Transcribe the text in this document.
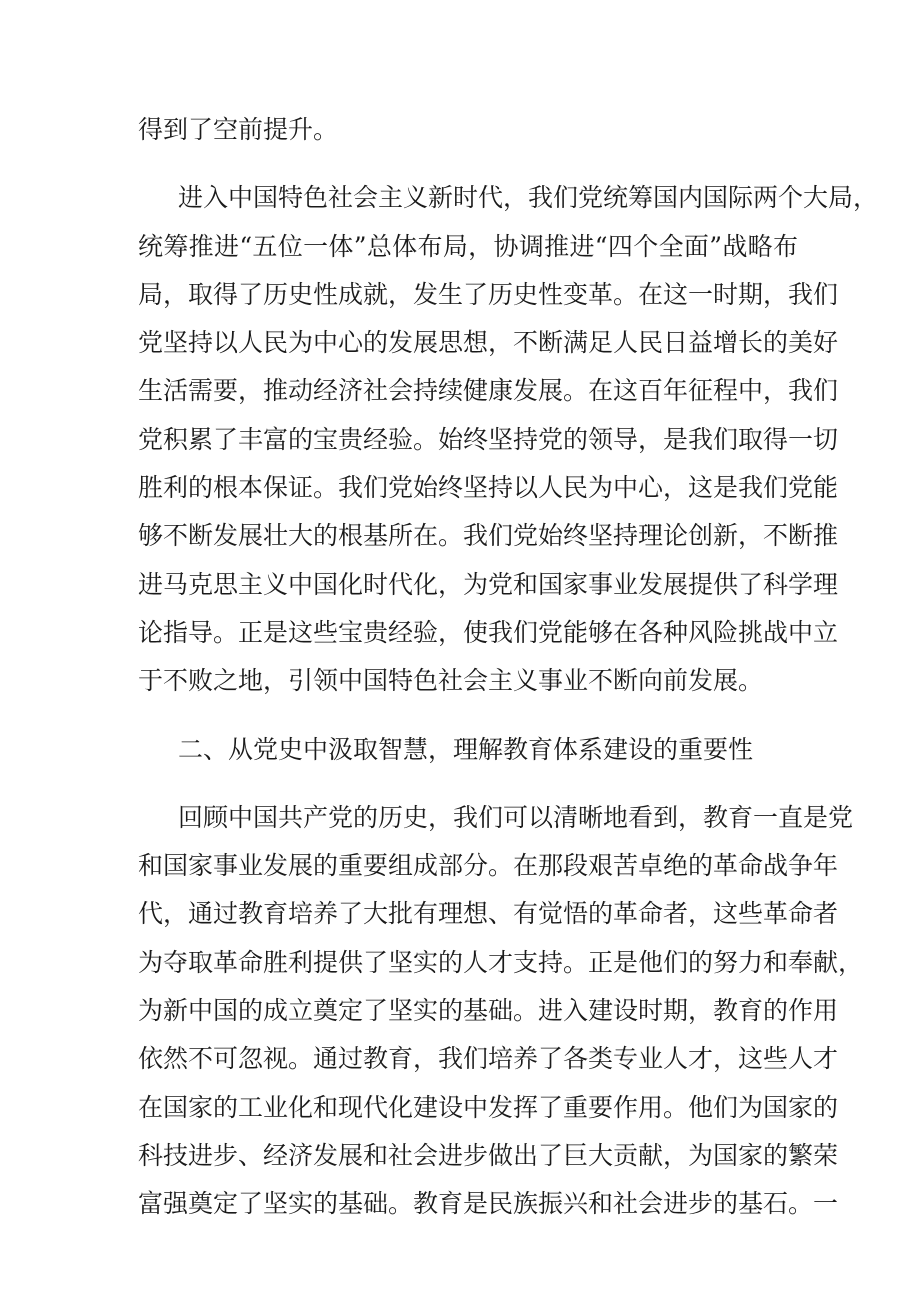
得到了空前提升。
进入中国特色社会主义新时代，我们党统筹国内国际两个大局，
统筹推进“五位一体”总体布局，协调推进“四个全面”战略布
局，取得了历史性成就，发生了历史性变革。在这一时期，我们
党坚持以人民为中心的发展思想，不断满足人民日益增长的美好
生活需要，推动经济社会持续健康发展。在这百年征程中，我们
党积累了丰富的宝贵经验。始终坚持党的领导，是我们取得一切
胜利的根本保证。我们党始终坚持以人民为中心，这是我们党能
够不断发展壮大的根基所在。我们党始终坚持理论创新，不断推
进马克思主义中国化时代化，为党和国家事业发展提供了科学理
论指导。正是这些宝贵经验，使我们党能够在各种风险挑战中立
于不败之地，引领中国特色社会主义事业不断向前发展。
二、从党史中汲取智慧，理解教育体系建设的重要性
回顾中国共产党的历史，我们可以清晰地看到，教育一直是党
和国家事业发展的重要组成部分。在那段艰苦卓绝的革命战争年
代，通过教育培养了大批有理想、有觉悟的革命者，这些革命者
为夺取革命胜利提供了坚实的人才支持。正是他们的努力和奉献，
为新中国的成立奠定了坚实的基础。进入建设时期，教育的作用
依然不可忽视。通过教育，我们培养了各类专业人才，这些人才
在国家的工业化和现代化建设中发挥了重要作用。他们为国家的
科技进步、经济发展和社会进步做出了巨大贡献，为国家的繁荣
富强奠定了坚实的基础。教育是民族振兴和社会进步的基石。一
